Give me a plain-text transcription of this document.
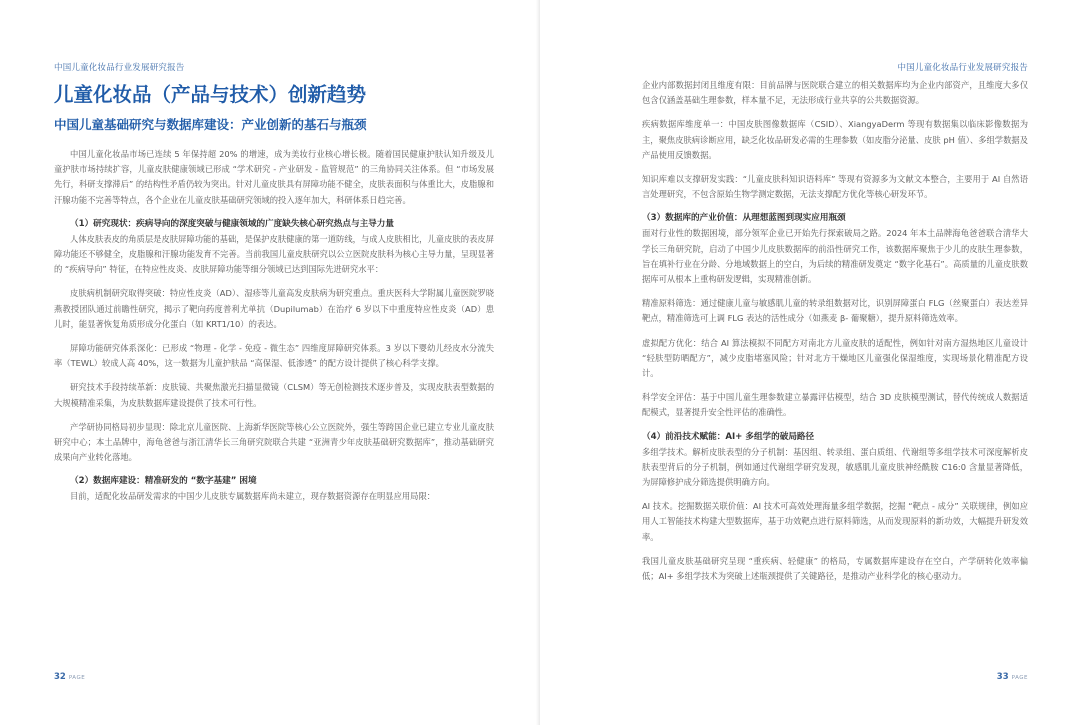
中国儿童化妆品行业发展研究报告
儿童化妆品（产品与技术）创新趋势
中国儿童基础研究与数据库建设：产业创新的基石与瓶颈

中国儿童化妆品市场已连续 5 年保持超 20% 的增速，成为美妆行业核心增长极。随着国民健康护肤认知升级及儿童护肤市场持续扩容，儿童皮肤健康领域已形成 “学术研究 - 产业研发 - 监管规范” 的三角协同关注体系。但 “市场发展先行，科研支撑滞后” 的结构性矛盾仍较为突出。针对儿童皮肤具有屏障功能不健全，皮肤表面积与体重比大，皮脂腺和汗腺功能不完善等特点，各个企业在儿童皮肤基础研究领域的投入逐年加大，科研体系日趋完善。

（1）研究现状：疾病导向的深度突破与健康领域的广度缺失核心研究热点与主导力量

人体皮肤表皮的角质层是皮肤屏障功能的基础，是保护皮肤健康的第一道防线，与成人皮肤相比，儿童皮肤的表皮屏障功能还不够健全，皮脂腺和汗腺功能发育不完善。当前我国儿童皮肤研究以公立医院皮肤科为核心主导力量，呈现显著的 “疾病导向” 特征，在特应性皮炎、皮肤屏障功能等细分领域已达到国际先进研究水平：

皮肤病机制研究取得突破：特应性皮炎（AD）、湿疹等儿童高发皮肤病为研究重点。重庆医科大学附属儿童医院罗晓燕教授团队通过前瞻性研究，揭示了靶向药度普利尤单抗（Dupilumab）在治疗 6 岁以下中重度特应性皮炎（AD）患儿时，能显著恢复角质形成分化蛋白（如 KRT1/10）的表达。

屏障功能研究体系深化：已形成 “物理 - 化学 - 免疫 - 微生态” 四维度屏障研究体系。3 岁以下婴幼儿经皮水分流失率（TEWL）较成人高 40%，这一数据为儿童护肤品 “高保湿、低渗透” 的配方设计提供了核心科学支撑。

研究技术手段持续革新：皮肤镜、共聚焦激光扫描显微镜（CLSM）等无创检测技术逐步普及，实现皮肤表型数据的大规模精准采集，为皮肤数据库建设提供了技术可行性。

产学研协同格局初步显现：除北京儿童医院、上海新华医院等核心公立医院外，强生等跨国企业已建立专业儿童皮肤研究中心；本土品牌中，海龟爸爸与浙江清华长三角研究院联合共建 “亚洲青少年皮肤基础研究数据库”，推动基础研究成果向产业转化落地。

（2）数据库建设：精准研发的 “数字基建” 困境

目前，适配化妆品研发需求的中国少儿皮肤专属数据库尚未建立，现存数据资源存在明显应用局限：

32 PAGE
中国儿童化妆品行业发展研究报告

企业内部数据封闭且维度有限：目前品牌与医院联合建立的相关数据库均为企业内部资产，且维度大多仅包含仅涵盖基础生理参数，样本量不足，无法形成行业共享的公共数据资源。

疾病数据库维度单一：中国皮肤图像数据库（CSID）、XiangyaDerm 等现有数据集以临床影像数据为主，聚焦皮肤病诊断应用，缺乏化妆品研发必需的生理参数（如皮脂分泌量、皮肤 pH 值）、多组学数据及产品使用反馈数据。

知识库难以支撑研发实践：“儿童皮肤科知识语料库” 等现有资源多为文献文本整合，主要用于 AI 自然语言处理研究，不包含原始生物学测定数据，无法支撑配方优化等核心研发环节。

（3）数据库的产业价值：从理想蓝图到现实应用瓶颈

面对行业性的数据困境，部分领军企业已开始先行探索破局之路。2024 年本土品牌海龟爸爸联合清华大学长三角研究院，启动了中国少儿皮肤数据库的前沿性研究工作，该数据库聚焦于少儿的皮肤生理参数，旨在填补行业在分龄、分地域数据上的空白，为后续的精准研发奠定 “数字化基石”。高质量的儿童皮肤数据库可从根本上重构研发逻辑，实现精准创新。

精准原料筛选：通过健康儿童与敏感肌儿童的转录组数据对比，识别屏障蛋白 FLG（丝聚蛋白）表达差异靶点，精准筛选可上调 FLG 表达的活性成分（如燕麦 β- 葡聚糖），提升原料筛选效率。

虚拟配方优化：结合 AI 算法模拟不同配方对南北方儿童皮肤的适配性，例如针对南方湿热地区儿童设计 “轻肤型防晒配方”，减少皮脂堵塞风险；针对北方干燥地区儿童强化保湿维度，实现场景化精准配方设计。

科学安全评估：基于中国儿童生理参数建立暴露评估模型，结合 3D 皮肤模型测试，替代传统成人数据适配模式，显著提升安全性评估的准确性。

（4）前沿技术赋能：AI+ 多组学的破局路径

多组学技术。解析皮肤表型的分子机制：基因组、转录组、蛋白质组、代谢组等多组学技术可深度解析皮肤表型背后的分子机制，例如通过代谢组学研究发现，敏感肌儿童皮肤神经酰胺 C16:0 含量显著降低，为屏障修护成分筛选提供明确方向。

AI 技术。挖掘数据关联价值：AI 技术可高效处理海量多组学数据，挖掘 “靶点 - 成分” 关联规律，例如应用人工智能技术构建大型数据库，基于功效靶点进行原料筛选，从而发现原料的新功效，大幅提升研发效率。

我国儿童皮肤基础研究呈现 “重疾病、轻健康” 的格局，专属数据库建设存在空白，产学研转化效率偏低；AI+ 多组学技术为突破上述瓶颈提供了关键路径，是推动产业科学化的核心驱动力。

33 PAGE
